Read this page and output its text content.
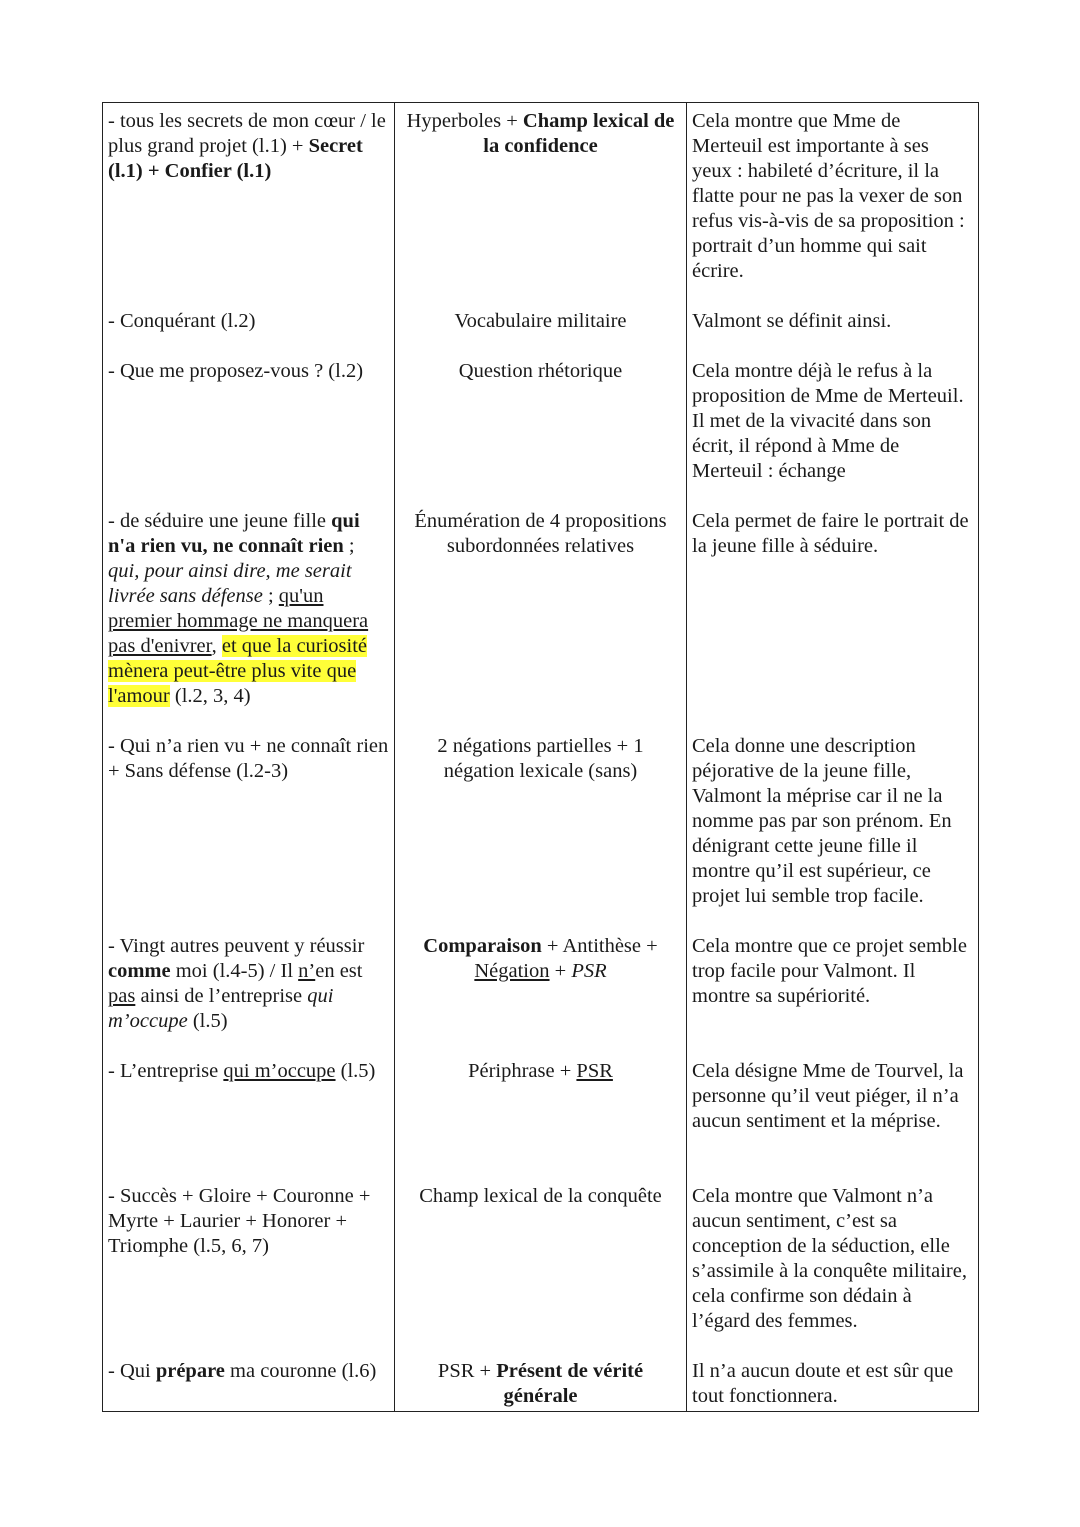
- tous les secrets de mon cœur / le plus grand projet (l.1) + Secret (l.1) + Confier (l.1)	Hyperboles + Champ lexical de la confidence	Cela montre que Mme de Merteuil est importante à ses yeux : habileté d’écriture, il la flatte pour ne pas la vexer de son refus vis-à-vis de sa proposition : portrait d’un homme qui sait écrire.
- Conquérant (l.2)	Vocabulaire militaire	Valmont se définit ainsi.
- Que me proposez-vous ? (l.2)	Question rhétorique	Cela montre déjà le refus à la proposition de Mme de Merteuil. Il met de la vivacité dans son écrit, il répond à Mme de Merteuil : échange
- de séduire une jeune fille qui n'a rien vu, ne connaît rien ; qui, pour ainsi dire, me serait livrée sans défense ; qu'un premier hommage ne manquera pas d'enivrer, et que la curiosité mènera peut-être plus vite que l'amour (l.2, 3, 4)	Énumération de 4 propositions subordonnées relatives	Cela permet de faire le portrait de la jeune fille à séduire.
- Qui n’a rien vu + ne connaît rien + Sans défense (l.2-3)	2 négations partielles + 1 négation lexicale (sans)	Cela donne une description péjorative de la jeune fille, Valmont la méprise car il ne la nomme pas par son prénom. En dénigrant cette jeune fille il montre qu’il est supérieur, ce projet lui semble trop facile.
- Vingt autres peuvent y réussir comme moi (l.4-5) / Il n’en est pas ainsi de l’entreprise qui m’occupe (l.5)	Comparaison + Antithèse + Négation + PSR	Cela montre que ce projet semble trop facile pour Valmont. Il montre sa supériorité.
- L’entreprise qui m’occupe (l.5)	Périphrase + PSR	Cela désigne Mme de Tourvel, la personne qu’il veut piéger, il n’a aucun sentiment et la méprise.
- Succès + Gloire + Couronne + Myrte + Laurier + Honorer + Triomphe (l.5, 6, 7)	Champ lexical de la conquête	Cela montre que Valmont n’a aucun sentiment, c’est sa conception de la séduction, elle s’assimile à la conquête militaire, cela confirme son dédain à l’égard des femmes.
- Qui prépare ma couronne (l.6)	PSR + Présent de vérité générale	Il n’a aucun doute et est sûr que tout fonctionnera.
